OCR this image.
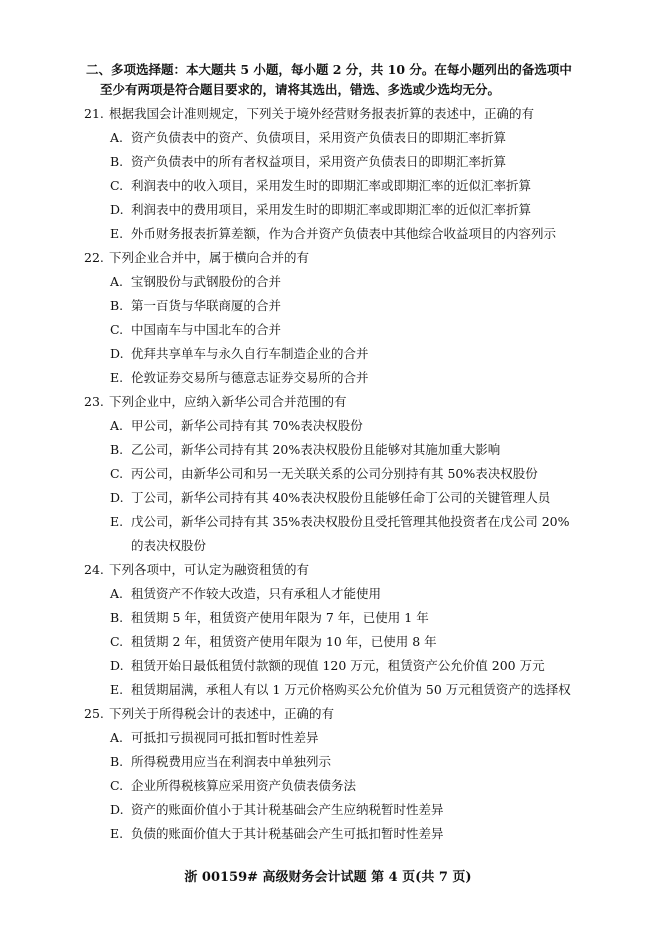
二、多项选择题：本大题共 5 小题，每小题 2 分，共 10 分。在每小题列出的备选项中
至少有两项是符合题目要求的，请将其选出，错选、多选或少选均无分。
21. 根据我国会计准则规定，下列关于境外经营财务报表折算的表述中，正确的有
A. 资产负债表中的资产、负债项目，采用资产负债表日的即期汇率折算
B. 资产负债表中的所有者权益项目，采用资产负债表日的即期汇率折算
C. 利润表中的收入项目，采用发生时的即期汇率或即期汇率的近似汇率折算
D. 利润表中的费用项目，采用发生时的即期汇率或即期汇率的近似汇率折算
E. 外币财务报表折算差额，作为合并资产负债表中其他综合收益项目的内容列示
22. 下列企业合并中，属于横向合并的有
A. 宝钢股份与武钢股份的合并
B. 第一百货与华联商厦的合并
C. 中国南车与中国北车的合并
D. 优拜共享单车与永久自行车制造企业的合并
E. 伦敦证券交易所与德意志证券交易所的合并
23. 下列企业中，应纳入新华公司合并范围的有
A. 甲公司，新华公司持有其 70%表决权股份
B. 乙公司，新华公司持有其 20%表决权股份且能够对其施加重大影响
C. 丙公司，由新华公司和另一无关联关系的公司分别持有其 50%表决权股份
D. 丁公司，新华公司持有其 40%表决权股份且能够任命丁公司的关键管理人员
E. 戊公司，新华公司持有其 35%表决权股份且受托管理其他投资者在戊公司 20%
的表决权股份
24. 下列各项中，可认定为融资租赁的有
A. 租赁资产不作较大改造，只有承租人才能使用
B. 租赁期 5 年，租赁资产使用年限为 7 年，已使用 1 年
C. 租赁期 2 年，租赁资产使用年限为 10 年，已使用 8 年
D. 租赁开始日最低租赁付款额的现值 120 万元，租赁资产公允价值 200 万元
E. 租赁期届满，承租人有以 1 万元价格购买公允价值为 50 万元租赁资产的选择权
25. 下列关于所得税会计的表述中，正确的有
A. 可抵扣亏损视同可抵扣暂时性差异
B. 所得税费用应当在利润表中单独列示
C. 企业所得税核算应采用资产负债表债务法
D. 资产的账面价值小于其计税基础会产生应纳税暂时性差异
E. 负债的账面价值大于其计税基础会产生可抵扣暂时性差异
浙 00159# 高级财务会计试题 第 4 页(共 7 页)
